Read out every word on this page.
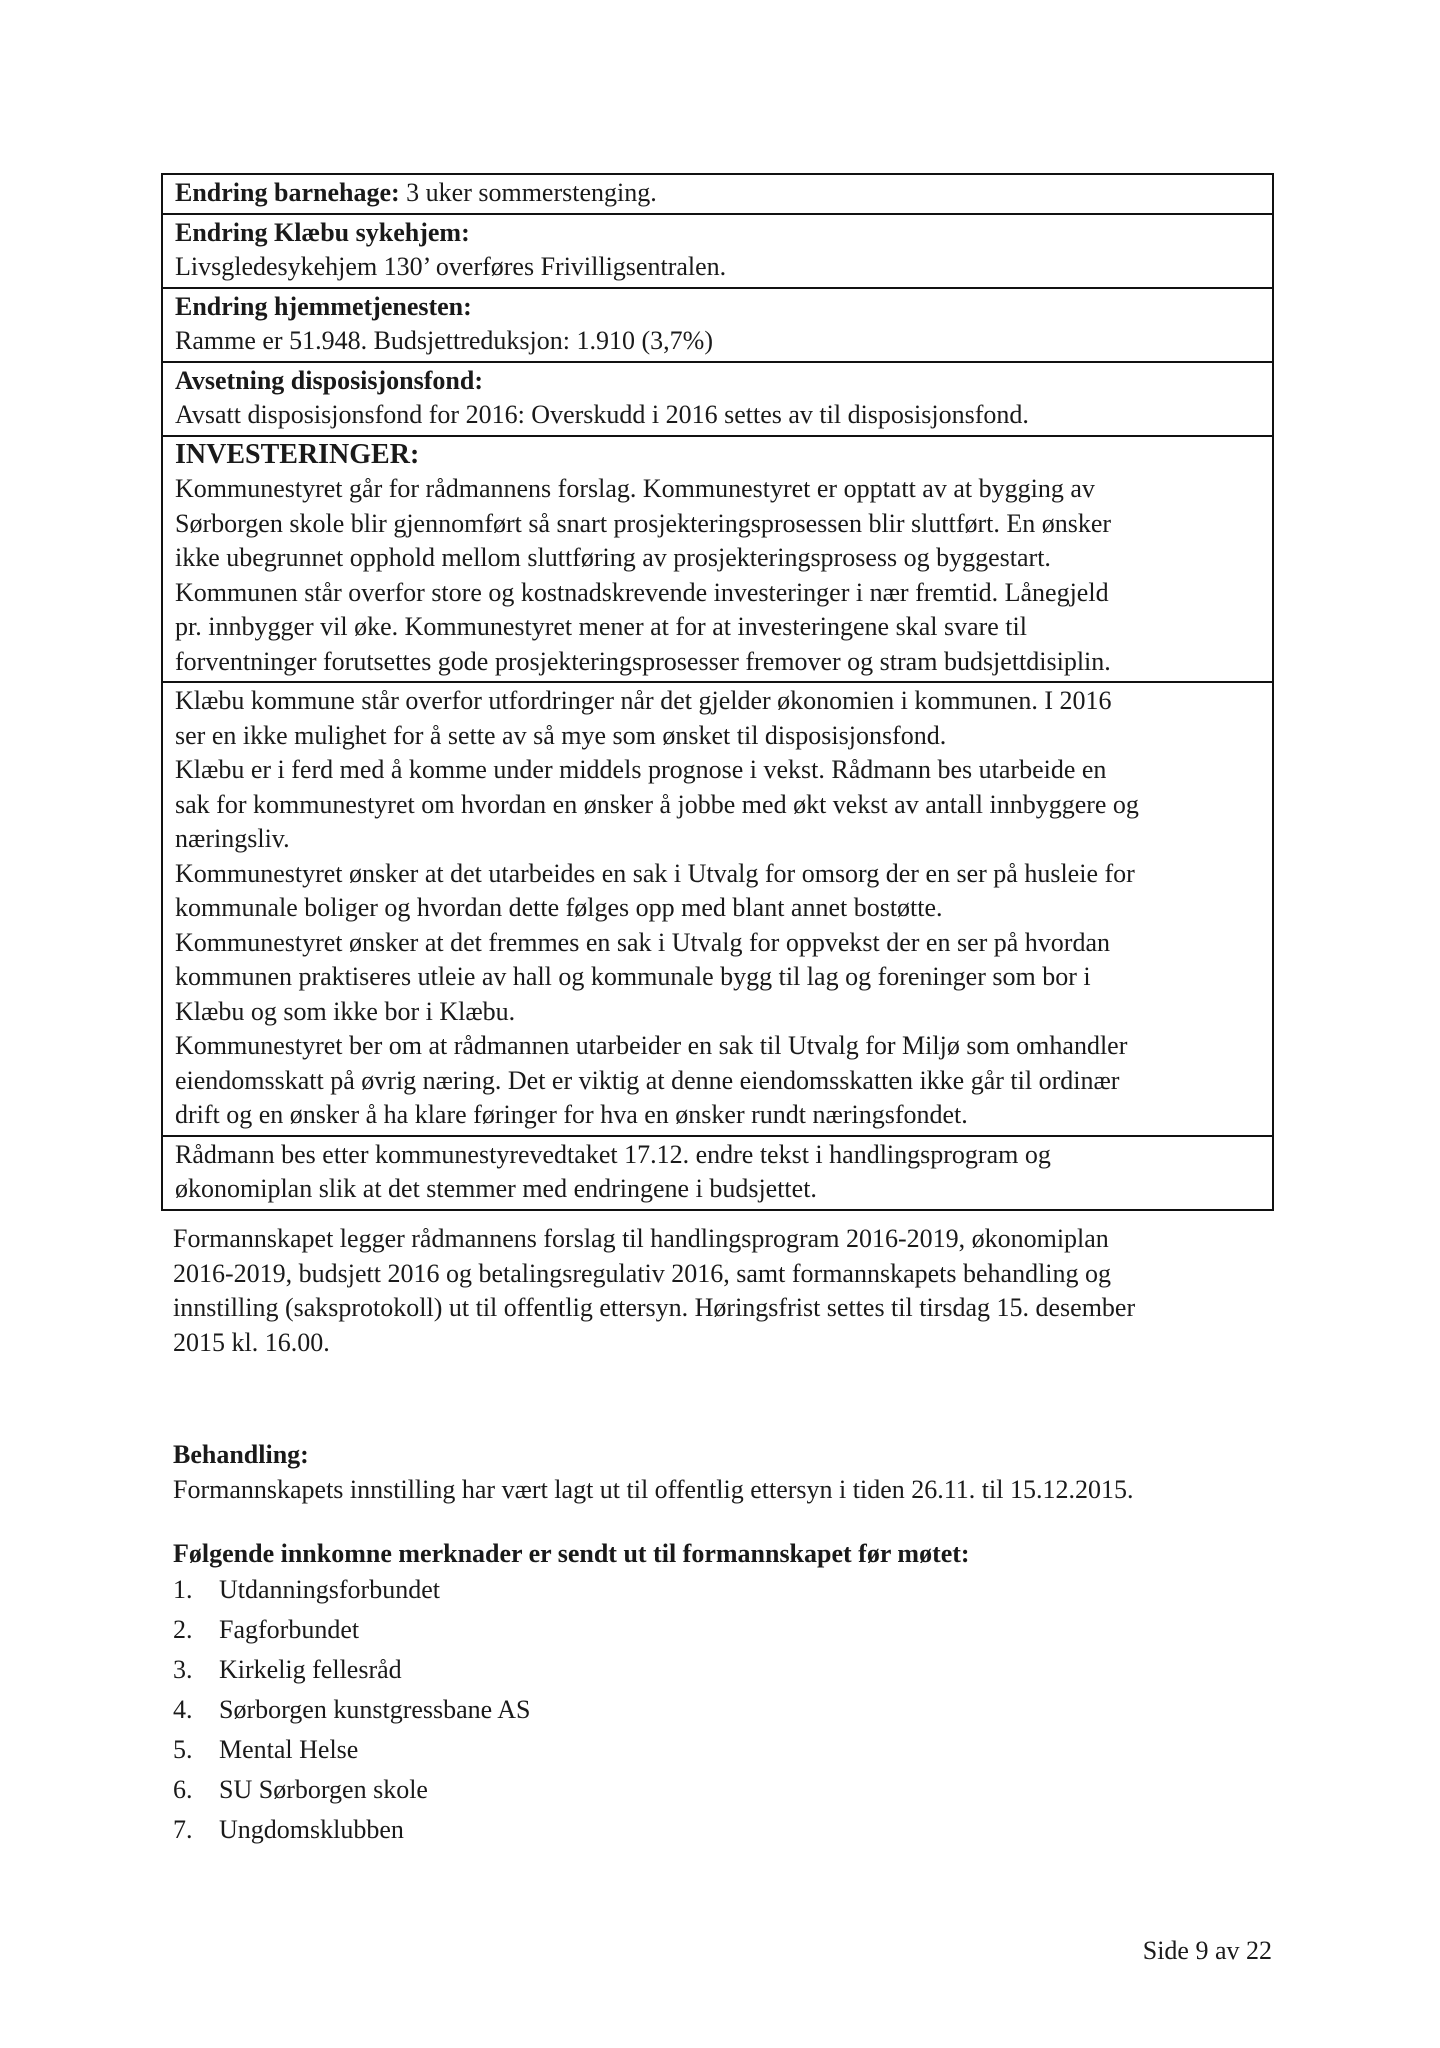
Endring barnehage: 3 uker sommerstenging.

Endring Klæbu sykehjem:
Livsgledesykehjem 130’ overføres Frivilligsentralen.

Endring hjemmetjenesten:
Ramme er 51.948. Budsjettreduksjon: 1.910 (3,7%)

Avsetning disposisjonsfond:
Avsatt disposisjonsfond for 2016: Overskudd i 2016 settes av til disposisjonsfond.

INVESTERINGER:
Kommunestyret går for rådmannens forslag. Kommunestyret er opptatt av at bygging av
Sørborgen skole blir gjennomført så snart prosjekteringsprosessen blir sluttført. En ønsker
ikke ubegrunnet opphold mellom sluttføring av prosjekteringsprosess og byggestart.
Kommunen står overfor store og kostnadskrevende investeringer i nær fremtid. Lånegjeld
pr. innbygger vil øke. Kommunestyret mener at for at investeringene skal svare til
forventninger forutsettes gode prosjekteringsprosesser fremover og stram budsjettdisiplin.

Klæbu kommune står overfor utfordringer når det gjelder økonomien i kommunen. I 2016
ser en ikke mulighet for å sette av så mye som ønsket til disposisjonsfond.
Klæbu er i ferd med å komme under middels prognose i vekst. Rådmann bes utarbeide en
sak for kommunestyret om hvordan en ønsker å jobbe med økt vekst av antall innbyggere og
næringsliv.
Kommunestyret ønsker at det utarbeides en sak i Utvalg for omsorg der en ser på husleie for
kommunale boliger og hvordan dette følges opp med blant annet bostøtte.
Kommunestyret ønsker at det fremmes en sak i Utvalg for oppvekst der en ser på hvordan
kommunen praktiseres utleie av hall og kommunale bygg til lag og foreninger som bor i
Klæbu og som ikke bor i Klæbu.
Kommunestyret ber om at rådmannen utarbeider en sak til Utvalg for Miljø som omhandler
eiendomsskatt på øvrig næring. Det er viktig at denne eiendomsskatten ikke går til ordinær
drift og en ønsker å ha klare føringer for hva en ønsker rundt næringsfondet.

Rådmann bes etter kommunestyrevedtaket 17.12. endre tekst i handlingsprogram og
økonomiplan slik at det stemmer med endringene i budsjettet.
Formannskapet legger rådmannens forslag til handlingsprogram 2016-2019, økonomiplan
2016-2019, budsjett 2016 og betalingsregulativ 2016, samt formannskapets behandling og
innstilling (saksprotokoll) ut til offentlig ettersyn. Høringsfrist settes til tirsdag 15. desember
2015 kl. 16.00.
Behandling:
Formannskapets innstilling har vært lagt ut til offentlig ettersyn i tiden 26.11. til 15.12.2015.
Følgende innkomne merknader er sendt ut til formannskapet før møtet:
1. Utdanningsforbundet
2. Fagforbundet
3. Kirkelig fellesråd
4. Sørborgen kunstgressbane AS
5. Mental Helse
6. SU Sørborgen skole
7. Ungdomsklubben
Side 9 av 22
